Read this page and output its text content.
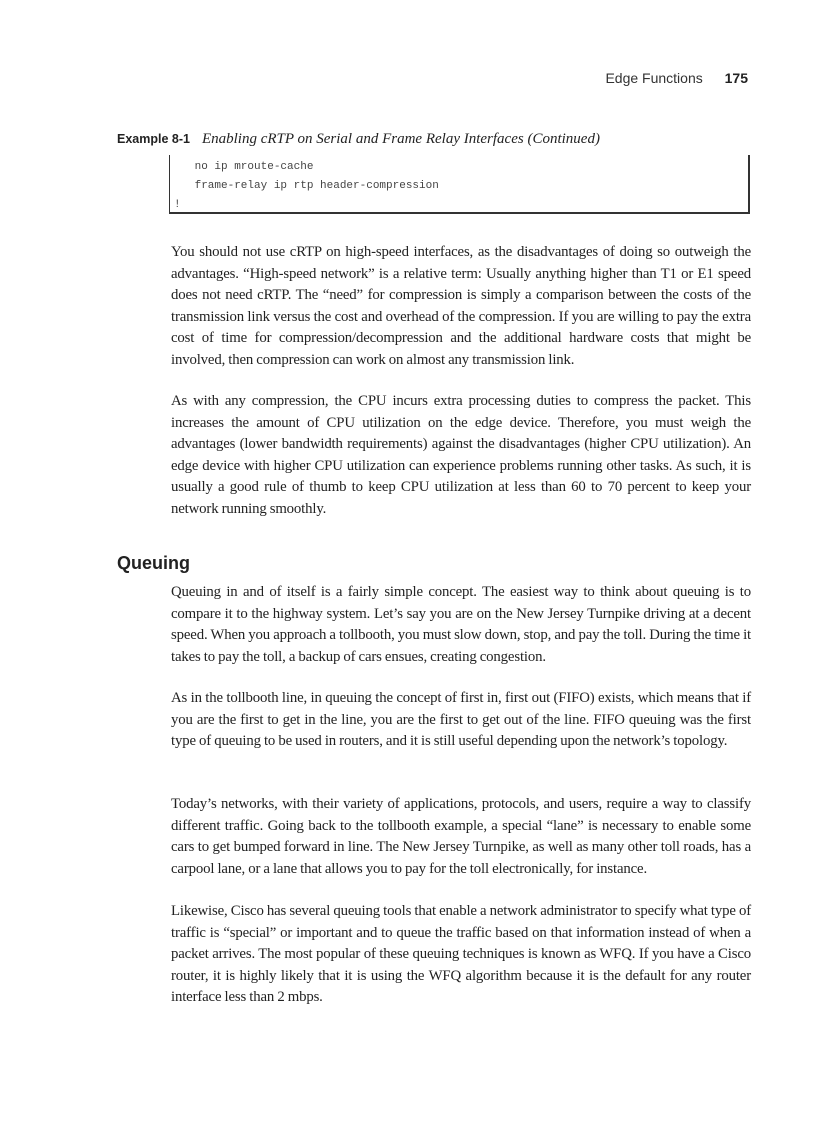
Edge Functions 175
Example 8-1 Enabling cRTP on Serial and Frame Relay Interfaces (Continued)
no ip mroute-cache
frame-relay ip rtp header-compression
!

You should not use cRTP on high-speed interfaces, as the disadvantages of doing so outweigh the advantages. “High-speed network” is a relative term: Usually anything higher than T1 or E1 speed does not need cRTP. The “need” for compression is simply a comparison between the costs of the transmission link versus the cost and overhead of the compression. If you are willing to pay the extra cost of time for compression/decompression and the additional hardware costs that might be involved, then compression can work on almost any transmission link.

As with any compression, the CPU incurs extra processing duties to compress the packet. This increases the amount of CPU utilization on the edge device. Therefore, you must weigh the advantages (lower bandwidth requirements) against the disadvantages (higher CPU utilization). An edge device with higher CPU utilization can experience problems running other tasks. As such, it is usually a good rule of thumb to keep CPU utilization at less than 60 to 70 percent to keep your network running smoothly.

Queuing

Queuing in and of itself is a fairly simple concept. The easiest way to think about queuing is to compare it to the highway system. Let’s say you are on the New Jersey Turnpike driving at a decent speed. When you approach a tollbooth, you must slow down, stop, and pay the toll. During the time it takes to pay the toll, a backup of cars ensues, creating congestion.

As in the tollbooth line, in queuing the concept of first in, first out (FIFO) exists, which means that if you are the first to get in the line, you are the first to get out of the line. FIFO queuing was the first type of queuing to be used in routers, and it is still useful depending upon the network’s topology.

Today’s networks, with their variety of applications, protocols, and users, require a way to classify different traffic. Going back to the tollbooth example, a special “lane” is necessary to enable some cars to get bumped forward in line. The New Jersey Turnpike, as well as many other toll roads, has a carpool lane, or a lane that allows you to pay for the toll electronically, for instance.

Likewise, Cisco has several queuing tools that enable a network administrator to specify what type of traffic is “special” or important and to queue the traffic based on that information instead of when a packet arrives. The most popular of these queuing techniques is known as WFQ. If you have a Cisco router, it is highly likely that it is using the WFQ algorithm because it is the default for any router interface less than 2 mbps.
